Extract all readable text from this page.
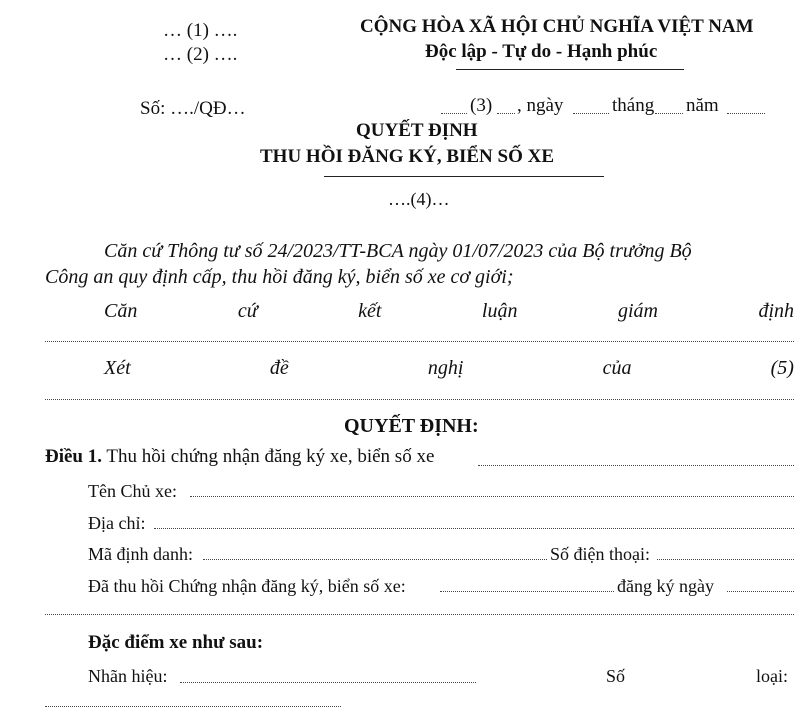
… (1) ….
… (2) ….
CỘNG HÒA XÃ HỘI CHỦ NGHĨA VIỆT NAM
Độc lập - Tự do - Hạnh phúc
Số: …./QĐ…	(3) , ngày	tháng năm
QUYẾT ĐỊNH
THU HỒI ĐĂNG KÝ, BIỂN SỐ XE
….(4)…
Căn cứ Thông tư số 24/2023/TT-BCA ngày 01/07/2023 của Bộ trưởng Bộ
Công an quy định cấp, thu hồi đăng ký, biển số xe cơ giới;
Căn	cứ	kết	luận	giám	định
Xét	đề	nghị	của	(5)
QUYẾT ĐỊNH:
Điều 1. Thu hồi chứng nhận đăng ký xe, biển số xe
Tên Chủ xe:
Địa chỉ:
Mã định danh:	Số điện thoại:
Đã thu hồi Chứng nhận đăng ký, biển số xe:	đăng ký ngày
Đặc điểm xe như sau:
Nhãn hiệu:	Số	loại:
